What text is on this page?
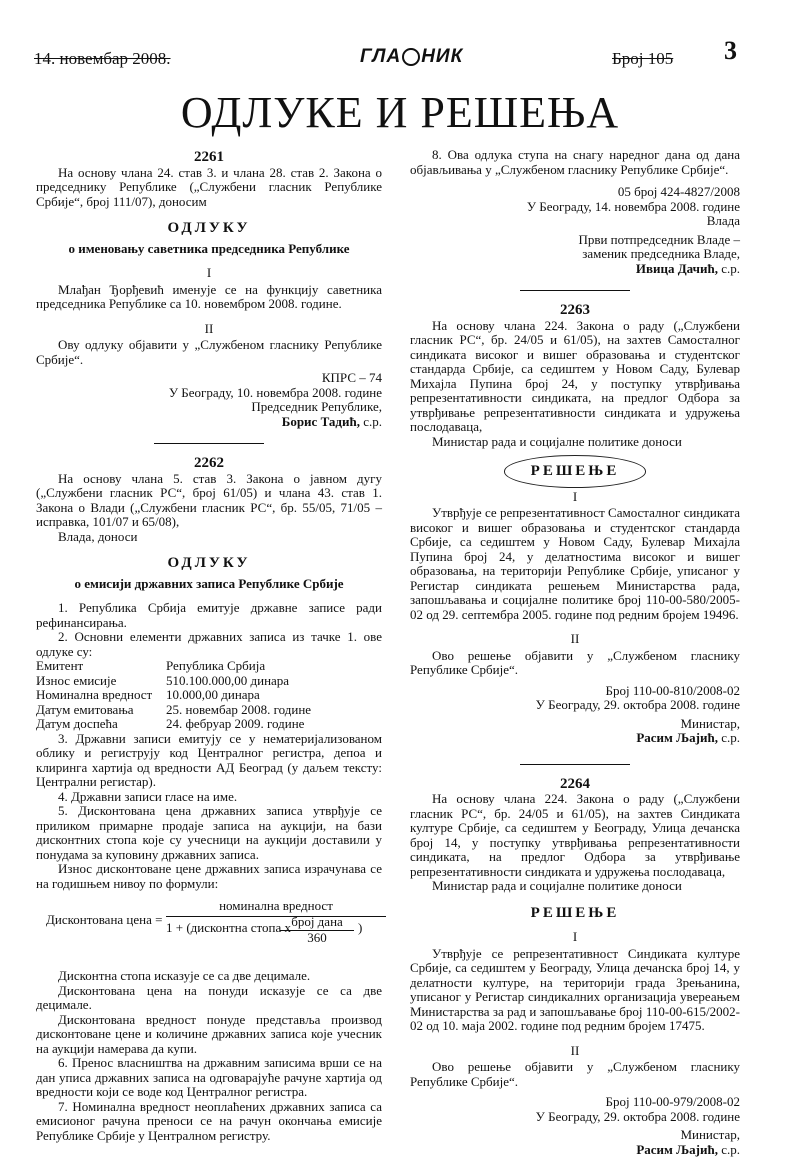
14. новембар 2008.	ГЛА НИК	Број 105 3
ОДЛУКЕ И РЕШЕЊА
2261

На основу члана 24. став 3. и члана 28. став 2. Закона о председнику Републике („Службени гласник Републике Србије“, број 111/07), доносим

ОДЛУКУ
о именовању саветника председника Републике
I

Млађан Ђорђевић именује се на функцију саветника председника Републике са 10. новембром 2008. године.

II

Ову одлуку објавити у „Службеном гласнику Републике Србије“.

КПРС – 74
У Београду, 10. новембра 2008. године
Председник Републике,
Борис Тадић, с.р.
2262

На основу члана 5. став 3. Закона о јавном дугу („Службени гласник РС“, број 61/05) и члана 43. став 1. Закона о Влади („Службени гласник РС“, бр. 55/05, 71/05 – исправка, 101/07 и 65/08),

Влада, доноси

ОДЛУКУ
о емисији државних записа Републике Србије

1. Република Србија емитује државне записе ради рефинансирања.

2. Основни елементи државних записа из тачке 1. ове одлуке су:

Емитент	Република Србија
Износ емисије	510.100.000,00 динара
Номинална вредност	10.000,00 динара
Датум емитовања	25. новембар 2008. године
Датум доспећа	24. фебруар 2009. године

3. Државни записи емитују се у нематеријализованом облику и региструју код Централног регистра, депоа и клиринга хартија од вредности АД Београд (у даљем тексту: Централни регистар).

4. Државни записи гласе на име.

5. Дисконтована цена државних записа утврђује се приликом примарне продаје записа на аукцији, на бази дисконтних стопа које су учесници на аукцији доставили у понудама за куповину државних записа.

Износ дисконтоване цене државних записа израчунава се на годишњем нивоу по формули:

Дисконтована цена =
номинална вредност
1 + (дисконтна стопа x број дана
360
)

Дисконтна стопа исказује се са две децимале.

Дисконтована цена на понуди исказује се са две децимале.

Дисконтована вредност понуде представља производ дисконтоване цене и количине државних записа које учесник на аукцији намерава да купи.

6. Пренос власништва на државним записима врши се на дан уписа државних записа на одговарајуће рачуне хартија од вредности који се воде код Централног регистра.

7. Номинална вредност неоплаћених државних записа са емисионог рачуна преноси се на рачун окончања емисије Републике Србије у Централном регистру.

8. Ова одлука ступа на снагу наредног дана од дана објављивања у „Службеном гласнику Републике Србије“.

05 број 424-4827/2008
У Београду, 14. новембра 2008. године
Влада
Први потпредседник Владе –
заменик председника Владе,
Ивица Дачић, с.р.
2263

На основу члана 224. Закона о раду („Службени гласник РС“, бр. 24/05 и 61/05), на захтев Самосталног синдиката високог и вишег образовања и студентског стандарда Србије, са седиштем у Новом Саду, Булевар Михајла Пупина број 24, у поступку утврђивања репрезентативности синдиката, на предлог Одбора за утврђивање репрезентативности синдиката и удружења послодаваца,

Министар рада и социјалне политике доноси

РЕШЕЊЕ
I

Утврђује се репрезентативност Самосталног синдиката високог и вишег образовања и студентског стандарда Србије, са седиштем у Новом Саду, Булевар Михајла Пупина број 24, у делатностима високог и вишег образовања, на територији Републике Србије, уписаног у Регистар синдиката решењем Министарства рада, запошљавања и социјалне политике број 110-00-580/2005-02 од 29. септембра 2005. године под редним бројем 19496.

II

Ово решење објавити у „Службеном гласнику Републике Србије“.

Број 110-00-810/2008-02
У Београду, 29. октобра 2008. године
Министар,
Расим Љајић, с.р.
2264

На основу члана 224. Закона о раду („Службени гласник РС“, бр. 24/05 и 61/05), на захтев Синдиката културе Србије, са седиштем у Београду, Улица дечанска број 14, у поступку утврђивања репрезентативности синдиката, на предлог Одбора за утврђивање репрезентативности синдиката и удружења послодаваца,

Министар рада и социјалне политике доноси

РЕШЕЊЕ
I

Утврђује се репрезентативност Синдиката културе Србије, са седиштем у Београду, Улица дечанска број 14, у делатности културе, на територији града Зрењанина, уписаног у Регистар синдикалних организација увереањем Министарства за рад и запошљавање број 110-00-615/2002-02 од 10. маја 2002. године под редним бројем 17475.

II

Ово решење објавити у „Службеном гласнику Републике Србије“.

Број 110-00-979/2008-02
У Београду, 29. октобра 2008. године
Министар,
Расим Љајић, с.р.
